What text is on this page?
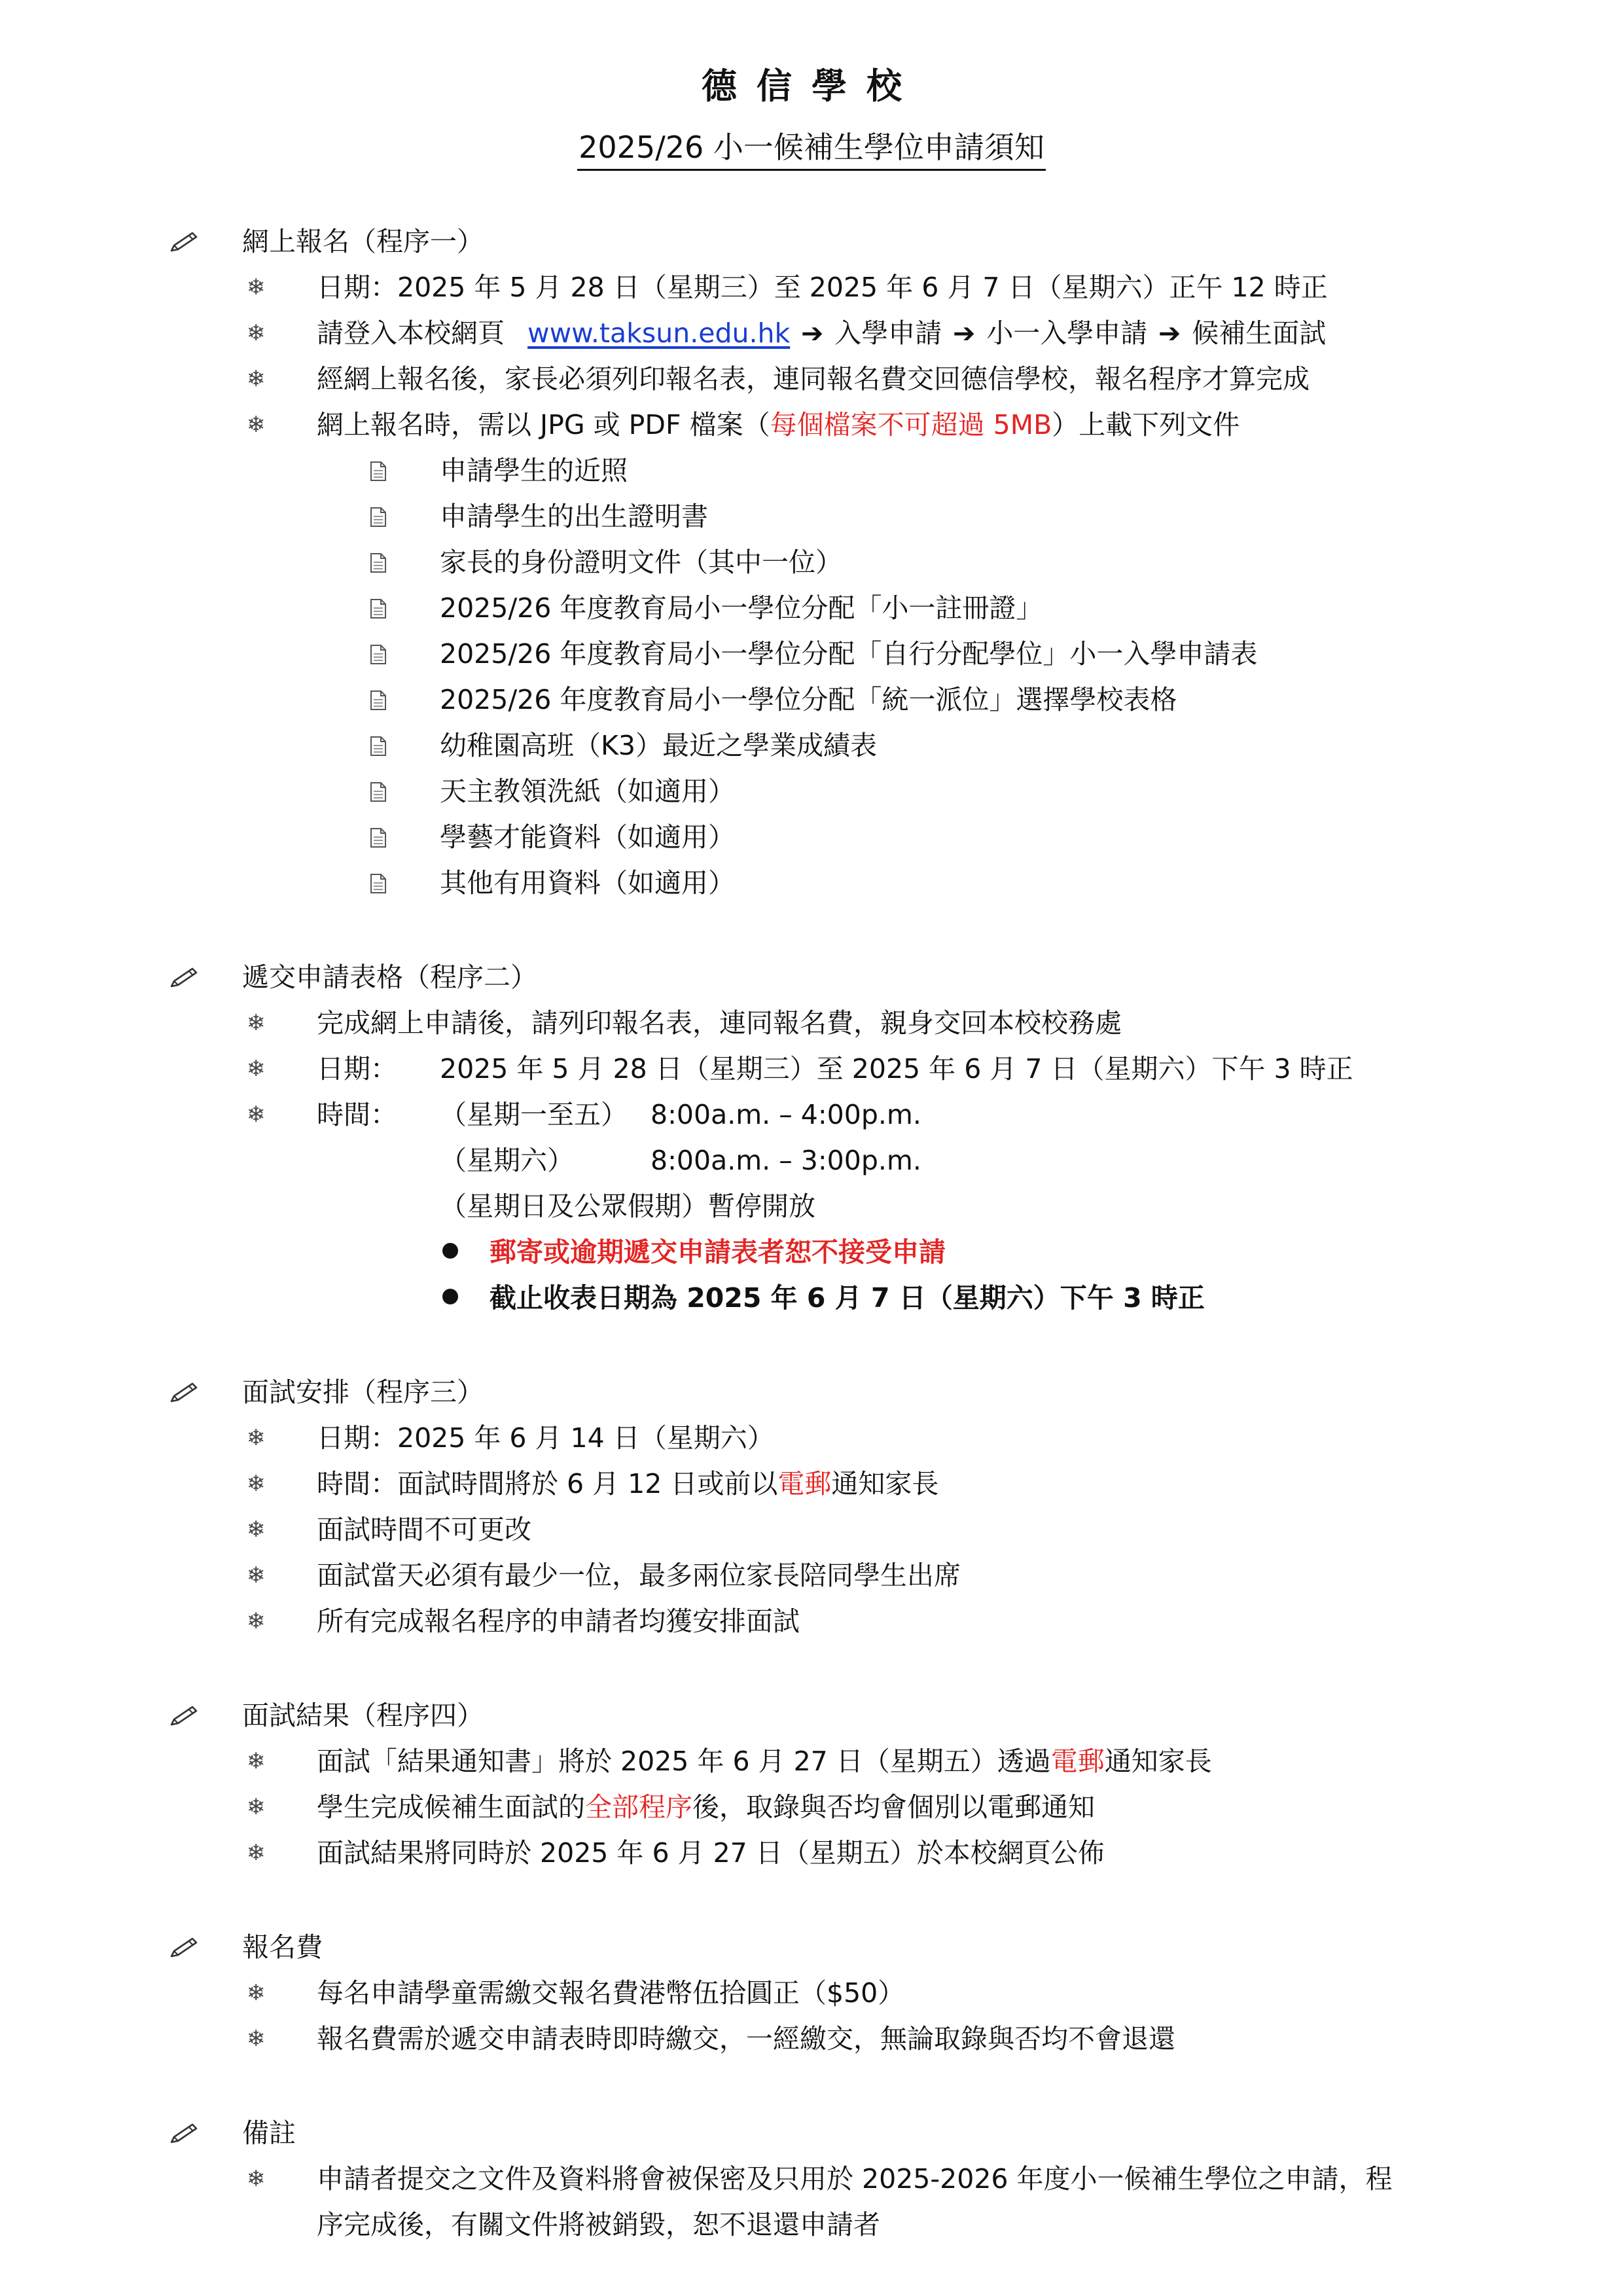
德信學校
2025/26 小一候補生學位申請須知
網上報名（程序一）
❄ 日期：2025 年 5 月 28 日（星期三）至 2025 年 6 月 7 日（星期六）正午 12 時正
❄ 請登入本校網頁 www.taksun.edu.hk ➔ 入學申請 ➔ 小一入學申請 ➔ 候補生面試
❄ 經網上報名後，家長必須列印報名表，連同報名費交回德信學校，報名程序才算完成
❄ 網上報名時，需以 JPG 或 PDF 檔案（每個檔案不可超過 5MB）上載下列文件
申請學生的近照
申請學生的出生證明書
家長的身份證明文件（其中一位）
2025/26 年度教育局小一學位分配「小一註冊證」
2025/26 年度教育局小一學位分配「自行分配學位」小一入學申請表
2025/26 年度教育局小一學位分配「統一派位」選擇學校表格
幼稚園高班（K3）最近之學業成績表
天主教領洗紙（如適用）
學藝才能資料（如適用）
其他有用資料（如適用）
遞交申請表格（程序二）
❄ 完成網上申請後，請列印報名表，連同報名費，親身交回本校校務處
❄ 日期： 2025 年 5 月 28 日（星期三）至 2025 年 6 月 7 日（星期六）下午 3 時正
❄ 時間： （星期一至五） 8:00a.m. – 4:00p.m.
（星期六）	8:00a.m. – 3:00p.m.
（星期日及公眾假期）暫停開放
郵寄或逾期遞交申請表者恕不接受申請
截止收表日期為 2025 年 6 月 7 日（星期六）下午 3 時正
面試安排（程序三）
❄ 日期：2025 年 6 月 14 日（星期六）
❄ 時間：面試時間將於 6 月 12 日或前以電郵通知家長
❄ 面試時間不可更改
❄ 面試當天必須有最少一位，最多兩位家長陪同學生出席
❄ 所有完成報名程序的申請者均獲安排面試
面試結果（程序四）
❄ 面試「結果通知書」將於 2025 年 6 月 27 日（星期五）透過電郵通知家長
❄ 學生完成候補生面試的全部程序後，取錄與否均會個別以電郵通知
❄ 面試結果將同時於 2025 年 6 月 27 日（星期五）於本校網頁公佈
報名費
❄ 每名申請學童需繳交報名費港幣伍拾圓正（$50）
❄ 報名費需於遞交申請表時即時繳交，一經繳交，無論取錄與否均不會退還
備註
❄ 申請者提交之文件及資料將會被保密及只用於 2025-2026 年度小一候補生學位之申請，程
序完成後，有關文件將被銷毀，恕不退還申請者
